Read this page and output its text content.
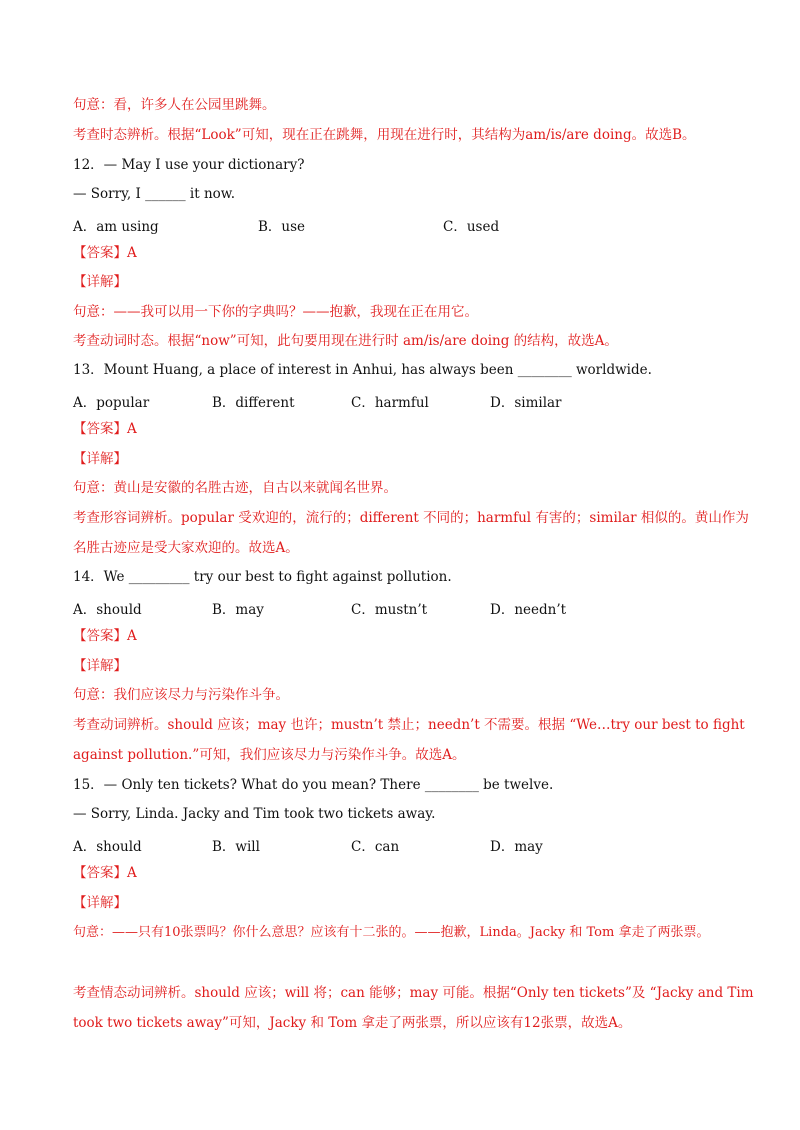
句意：看，许多人在公园里跳舞。
考查时态辨析。根据“Look”可知，现在正在跳舞，用现在进行时，其结构为am/is/are doing。故选B。
12．— May I use your dictionary?
— Sorry, I ______ it now.
A．am using	B．use	C．used
【答案】A
【详解】
句意：——我可以用一下你的字典吗？——抱歉，我现在正在用它。
考查动词时态。根据“now”可知，此句要用现在进行时 am/is/are doing 的结构，故选A。
13．Mount Huang, a place of interest in Anhui, has always been ________ worldwide.
A．popular	B．different	C．harmful	D．similar
【答案】A
【详解】
句意：黄山是安徽的名胜古迹，自古以来就闻名世界。
考查形容词辨析。popular 受欢迎的，流行的；different 不同的；harmful 有害的；similar 相似的。黄山作为
名胜古迹应是受大家欢迎的。故选A。
14．We _________ try our best to fight against pollution.
A．should	B．may	C．mustn’t	D．needn’t
【答案】A
【详解】
句意：我们应该尽力与污染作斗争。
考查动词辨析。should 应该；may 也许；mustn’t 禁止；needn’t 不需要。根据 “We…try our best to fight
against pollution.”可知，我们应该尽力与污染作斗争。故选A。
15．— Only ten tickets? What do you mean? There ________ be twelve.
— Sorry, Linda. Jacky and Tim took two tickets away.
A．should	B．will	C．can	D．may
【答案】A
【详解】
句意：——只有10张票吗？你什么意思？应该有十二张的。——抱歉，Linda。Jacky 和 Tom 拿走了两张票。
考查情态动词辨析。should 应该；will 将；can 能够；may 可能。根据“Only ten tickets”及 “Jacky and Tim
took two tickets away”可知，Jacky 和 Tom 拿走了两张票，所以应该有12张票，故选A。
